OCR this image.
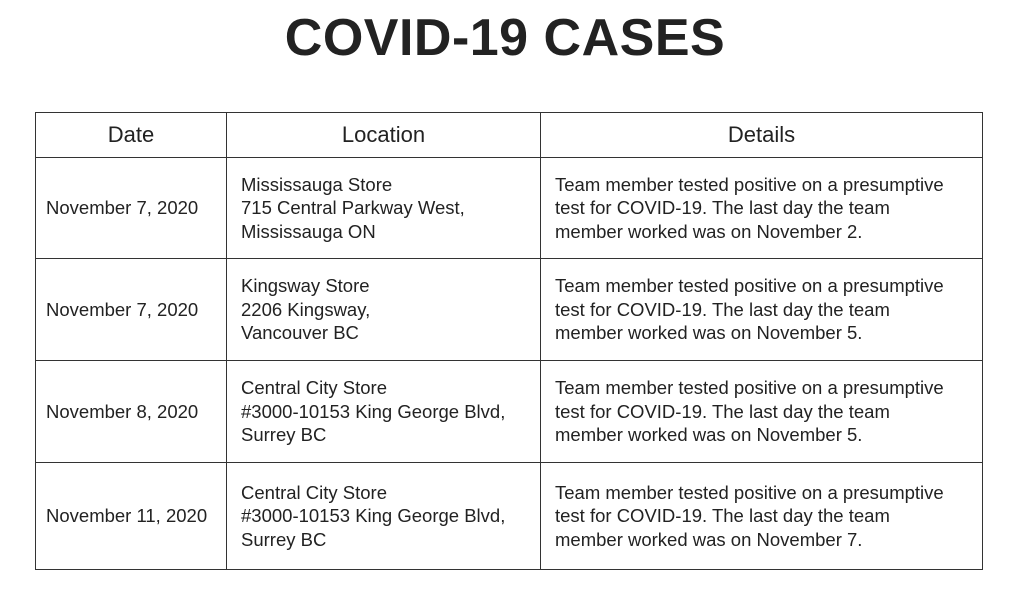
COVID-19 CASES
Date	Location	Details

November 7, 2020	Mississauga Store
715 Central Parkway West,
Mississauga ON	Team member tested positive on a presumptive
test for COVID-19. The last day the team
member worked was on November 2.

November 7, 2020	Kingsway Store
2206 Kingsway,
Vancouver BC	Team member tested positive on a presumptive
test for COVID-19. The last day the team
member worked was on November 5.

November 8, 2020	Central City Store
#3000-10153 King George Blvd,
Surrey BC	Team member tested positive on a presumptive
test for COVID-19. The last day the team
member worked was on November 5.

November 11, 2020	Central City Store
#3000-10153 King George Blvd,
Surrey BC	Team member tested positive on a presumptive
test for COVID-19. The last day the team
member worked was on November 7.
